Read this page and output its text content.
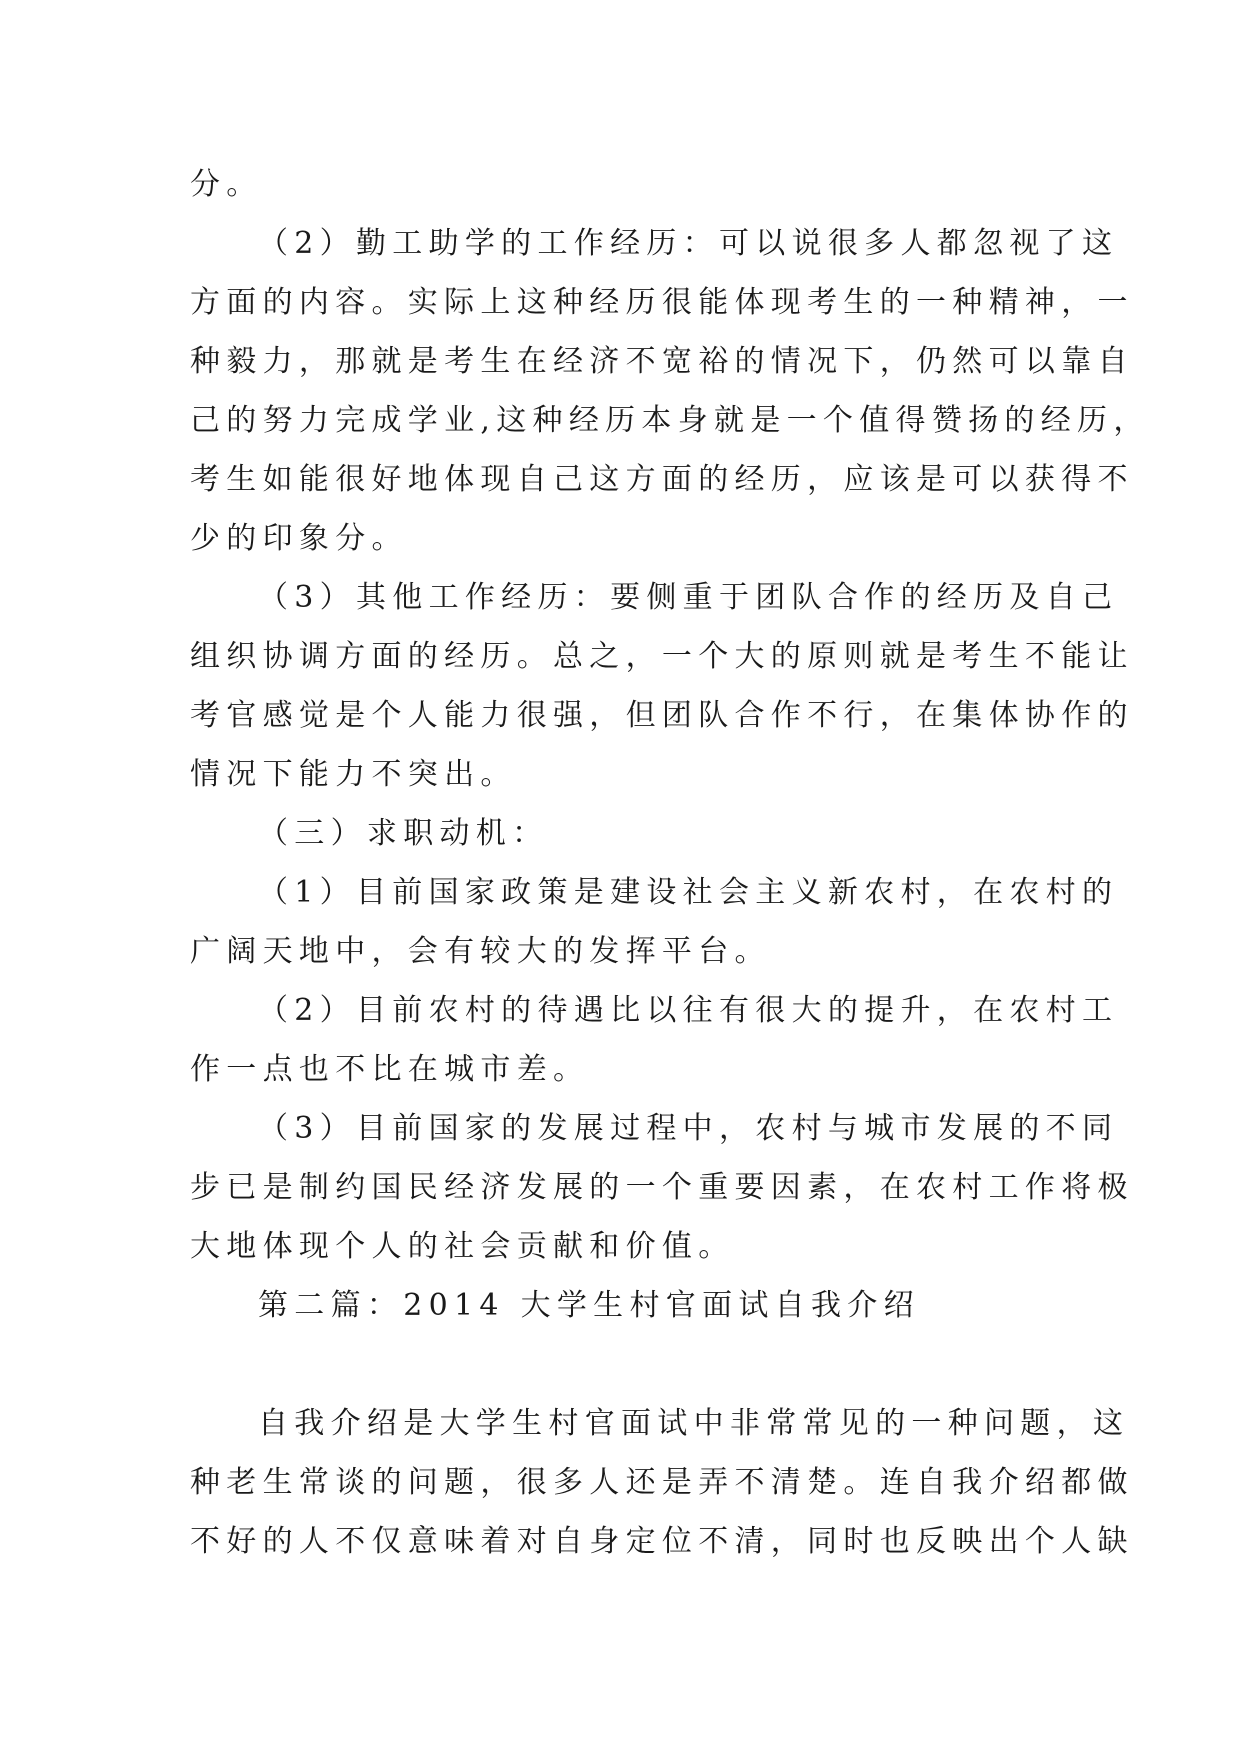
分。
（2）勤工助学的工作经历：可以说很多人都忽视了这
方面的内容。实际上这种经历很能体现考生的一种精神，一
种毅力，那就是考生在经济不宽裕的情况下，仍然可以靠自
己的努力完成学业,这种经历本身就是一个值得赞扬的经历，
考生如能很好地体现自己这方面的经历，应该是可以获得不
少的印象分。
（3）其他工作经历：要侧重于团队合作的经历及自己
组织协调方面的经历。总之，一个大的原则就是考生不能让
考官感觉是个人能力很强，但团队合作不行，在集体协作的
情况下能力不突出。
（三）求职动机：
（1）目前国家政策是建设社会主义新农村，在农村的
广阔天地中，会有较大的发挥平台。
（2）目前农村的待遇比以往有很大的提升，在农村工
作一点也不比在城市差。
（3）目前国家的发展过程中，农村与城市发展的不同
步已是制约国民经济发展的一个重要因素，在农村工作将极
大地体现个人的社会贡献和价值。
第二篇：2014 大学生村官面试自我介绍
自我介绍是大学生村官面试中非常常见的一种问题，这
种老生常谈的问题，很多人还是弄不清楚。连自我介绍都做
不好的人不仅意味着对自身定位不清，同时也反映出个人缺
